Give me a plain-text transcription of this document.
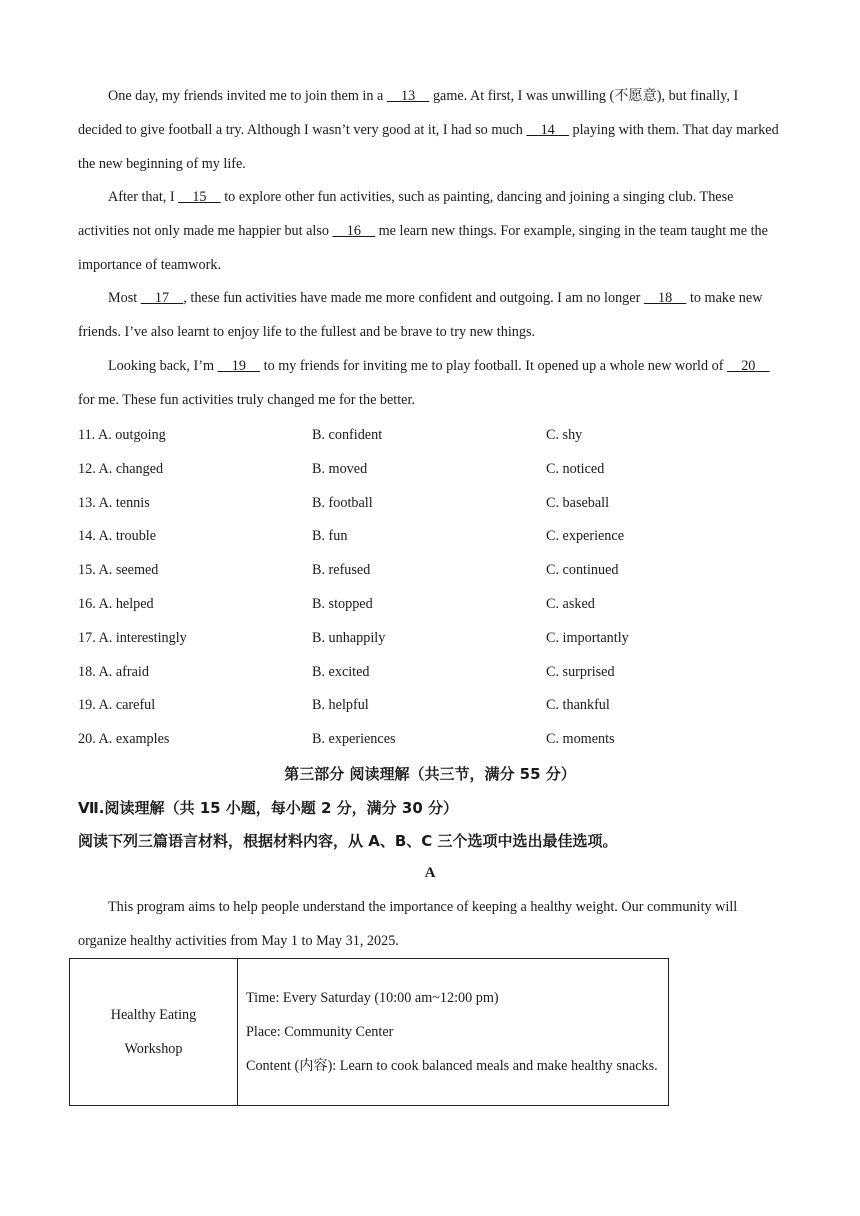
One day, my friends invited me to join them in a     13     game. At first, I was unwilling (不愿意), but finally, I decided to give football a try. Although I wasn’t very good at it, I had so much     14     playing with them. That day marked the new beginning of my life.

After that, I     15     to explore other fun activities, such as painting, dancing and joining a singing club. These activities not only made me happier but also     16     me learn new things. For example, singing in the team taught me the importance of teamwork.

Most     17    , these fun activities have made me more confident and outgoing. I am no longer     18     to make new friends. I’ve also learnt to enjoy life to the fullest and be brave to try new things.

Looking back, I’m     19     to my friends for inviting me to play football. It opened up a whole new world of     20     for me. These fun activities truly changed me for the better.

11. A. outgoing	B. confident	C. shy
12. A. changed	B. moved	C. noticed
13. A. tennis	B. football	C. baseball
14. A. trouble	B. fun	C. experience
15. A. seemed	B. refused	C. continued
16. A. helped	B. stopped	C. asked
17. A. interestingly	B. unhappily	C. importantly
18. A. afraid	B. excited	C. surprised
19. A. careful	B. helpful	C. thankful
20. A. examples	B. experiences	C. moments
第三部分 阅读理解（共三节，满分 55 分）
Ⅶ.阅读理解（共 15 小题，每小题 2 分，满分 30 分）
阅读下列三篇语言材料，根据材料内容，从 A、B、C 三个选项中选出最佳选项。
A

This program aims to help people understand the importance of keeping a healthy weight. Our community will organize healthy activities from May 1 to May 31, 2025.

Healthy Eating
Workshop

Time: Every Saturday (10:00 am~12:00 pm)
Place: Community Center
Content (内容): Learn to cook balanced meals and make healthy snacks.
